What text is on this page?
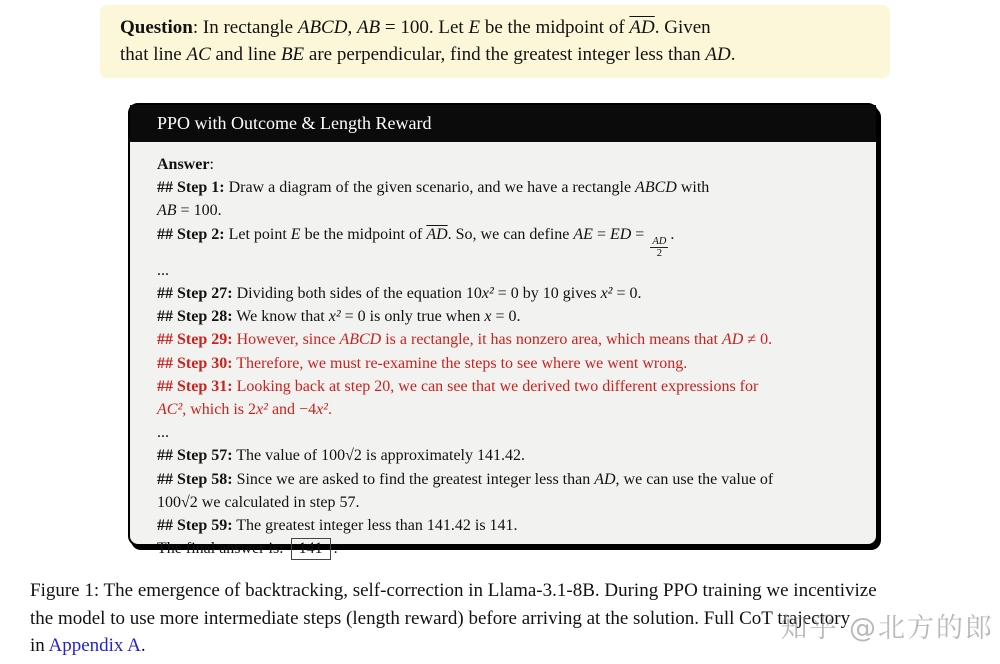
Question: In rectangle ABCD, AB = 100. Let E be the midpoint of $\overline{AD}$. Given
that line AC and line BE are perpendicular, find the greatest integer less than AD.
PPO with Outcome & Length Reward
Answer:
## Step 1: Draw a diagram of the given scenario, and we have a rectangle ABCD with
AB = 100.
## Step 2: Let point E be the midpoint of $\overline{AD}$. So, we can define AE = ED =
$\frac{AD}{2}$
.
...
## Step 27: Dividing both sides of the equation 10x² = 0 by 10 gives x² = 0.
## Step 28: We know that x² = 0 is only true when x = 0.
## Step 29: However, since ABCD is a rectangle, it has nonzero area, which means that AD ≠ 0.
## Step 30: Therefore, we must re-examine the steps to see where we went wrong.
## Step 31: Looking back at step 20, we can see that we derived two different expressions for
AC², which is 2x² and −4x².
...
## Step 57: The value of 100√2 is approximately 141.42.
## Step 58: Since we are asked to find the greatest integer less than AD, we can use the value of
100√2 we calculated in step 57.
## Step 59: The greatest integer less than 141.42 is 141.
The final answer is: 141 .
Figure 1: The emergence of backtracking, self-correction in Llama-3.1-8B. During PPO training we incentivize
the model to use more intermediate steps (length reward) before arriving at the solution. Full CoT trajectory
in Appendix A.
知乎 @北方的郎
